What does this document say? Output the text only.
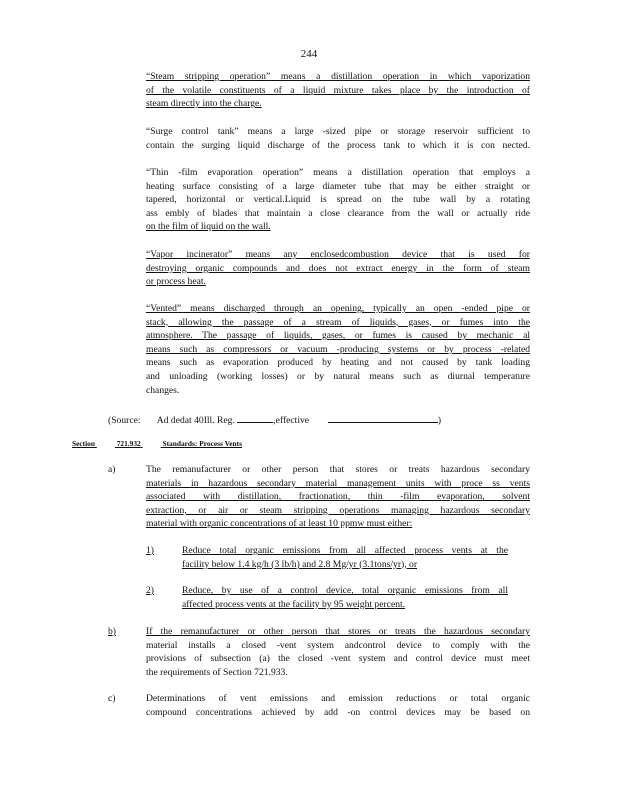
244
“Steam stripping operation” means a distillation operation in which vaporization
of the volatile constituents of a liquid mixture takes place by the introduction of
steam directly into the charge.
“Surge control tank” means a large -sized pipe or storage reservoir sufficient to
contain the surging liquid discharge of the process tank to which it is con nected.
“Thin -film evaporation operation” means a distillation operation that employs a
heating surface consisting of a large diameter tube that may be either straight or
tapered, horizontal or vertical.Liquid is spread on the tube wall by a rotating
ass embly of blades that maintain a close clearance from the wall or actually ride
on the film of liquid on the wall.
“Vapor incinerator” means any enclosedcombustion device that is used for
destroying organic compounds and does not extract energy in the form of steam
or process heat.
“Vented” means discharged through an opening, typically an open -ended pipe or
stack, allowing the passage of a stream of liquids, gases, or fumes into the
atmosphere. The passage of liquids, gases, or fumes is caused by mechanic al
means such as compressors or vacuum -producing systems or by process -related
means such as evaporation produced by heating and not caused by tank loading
and unloading (working losses) or by natural means such as diurnal temperature
changes.
(Source: Ad dedat 40Ill. Reg.	,effective	)
Section	721.932	Standards: Process Vents
a)	The remanufacturer or other person that stores or treats hazardous secondary
materials in hazardous secondary material management units with proce ss vents
associated with distillation, fractionation, thin -film evaporation, solvent
extraction, or air or steam stripping operations managing hazardous secondary
material with organic concentrations of at least 10 ppmw must either:
1)	Reduce total organic emissions from all affected process vents at the
facility below 1.4 kg/h (3 lb/h) and 2.8 Mg/yr (3.1tons/yr), or
2)	Reduce, by use of a control device, total organic emissions from all
affected process vents at the facility by 95 weight percent.
b)	If the remanufacturer or other person that stores or treats the hazardous secondary
material installs a closed -vent system andcontrol device to comply with the
provisions of subsection (a) the closed -vent system and control device must meet
the requirements of Section 721.933.
c)	Determinations of vent emissions and emission reductions or total organic
compound concentrations achieved by add -on control devices may be based on
